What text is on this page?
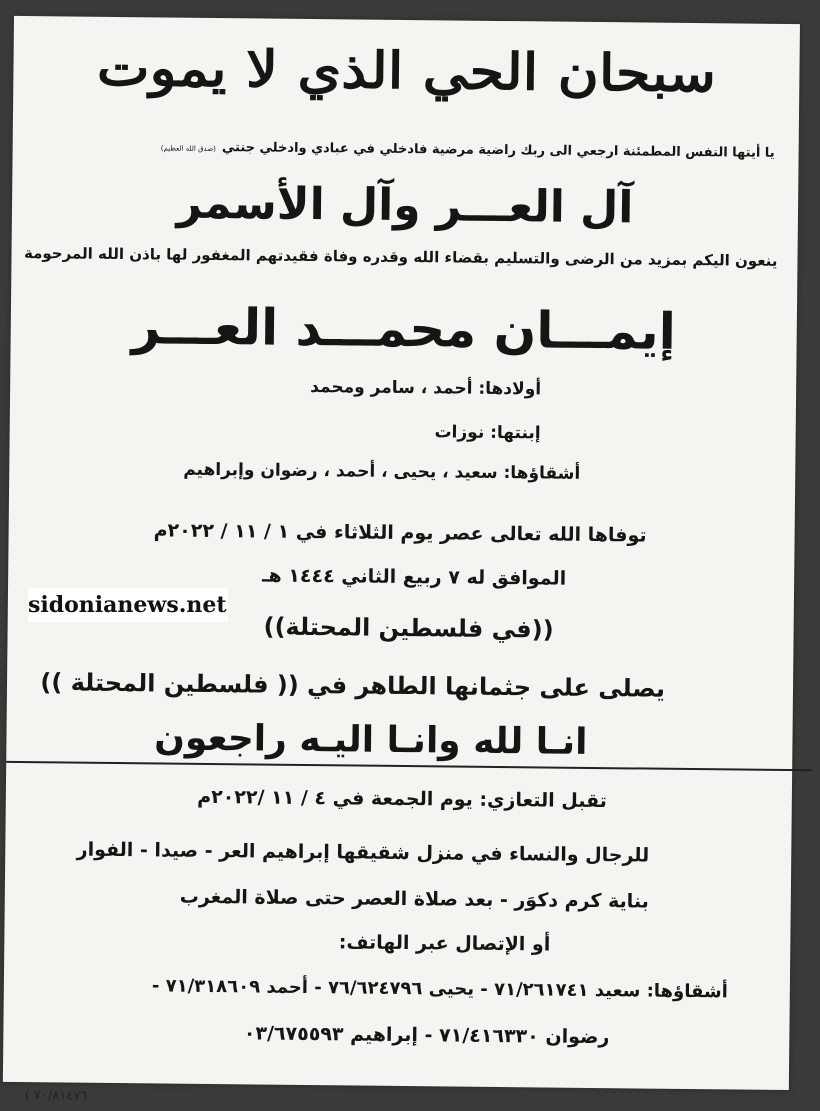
سبحان الحي الذي لا يموت
يا أيتها النفس المطمئنة ارجعي الى ربك راضية مرضية فادخلي في عبادي وادخلي جنتي(صدق الله العظيم)
آل العـــر وآل الأسمر
ينعون اليكم بمزيد من الرضى والتسليم بقضاء الله وقدره وفاة فقيدتهم المغفور لها باذن الله المرحومة
إيمـــان محمـــد العـــر
أولادها: أحمد ، سامر ومحمد
إبنتها: نوزات
أشقاؤها: سعيد ، يحيى ، أحمد ، رضوان وإبراهيم
توفاها الله تعالى عصر يوم الثلاثاء في ١ / ١١ / ٢٠٢٢م
الموافق له ٧ ربيع الثاني ١٤٤٤ هـ
((في فلسطين المحتلة))
يصلى على جثمانها الطاهر في (( فلسطين المحتلة ))
انـا لله وانـا اليـه راجعون
تقبل التعازي: يوم الجمعة في ٤ / ١١ /٢٠٢٢م
للرجال والنساء في منزل شقيقها إبراهيم العر - صيدا - الفوار
بناية كرم دكوَر - بعد صلاة العصر حتى صلاة المغرب
أو الإتصال عبر الهاتف:
أشقاؤها: سعيد ٧١/٢٦١٧٤١ - يحيى ٧٦/٦٢٤٧٩٦ - أحمد ٧١/٣١٨٦٠٩ -
رضوان ٧١/٤١٦٣٣٠ - إبراهيم ٠٣/٦٧٥٥٩٣
( ٧٠/٨١٤٧٦٠
sidonianews.net
